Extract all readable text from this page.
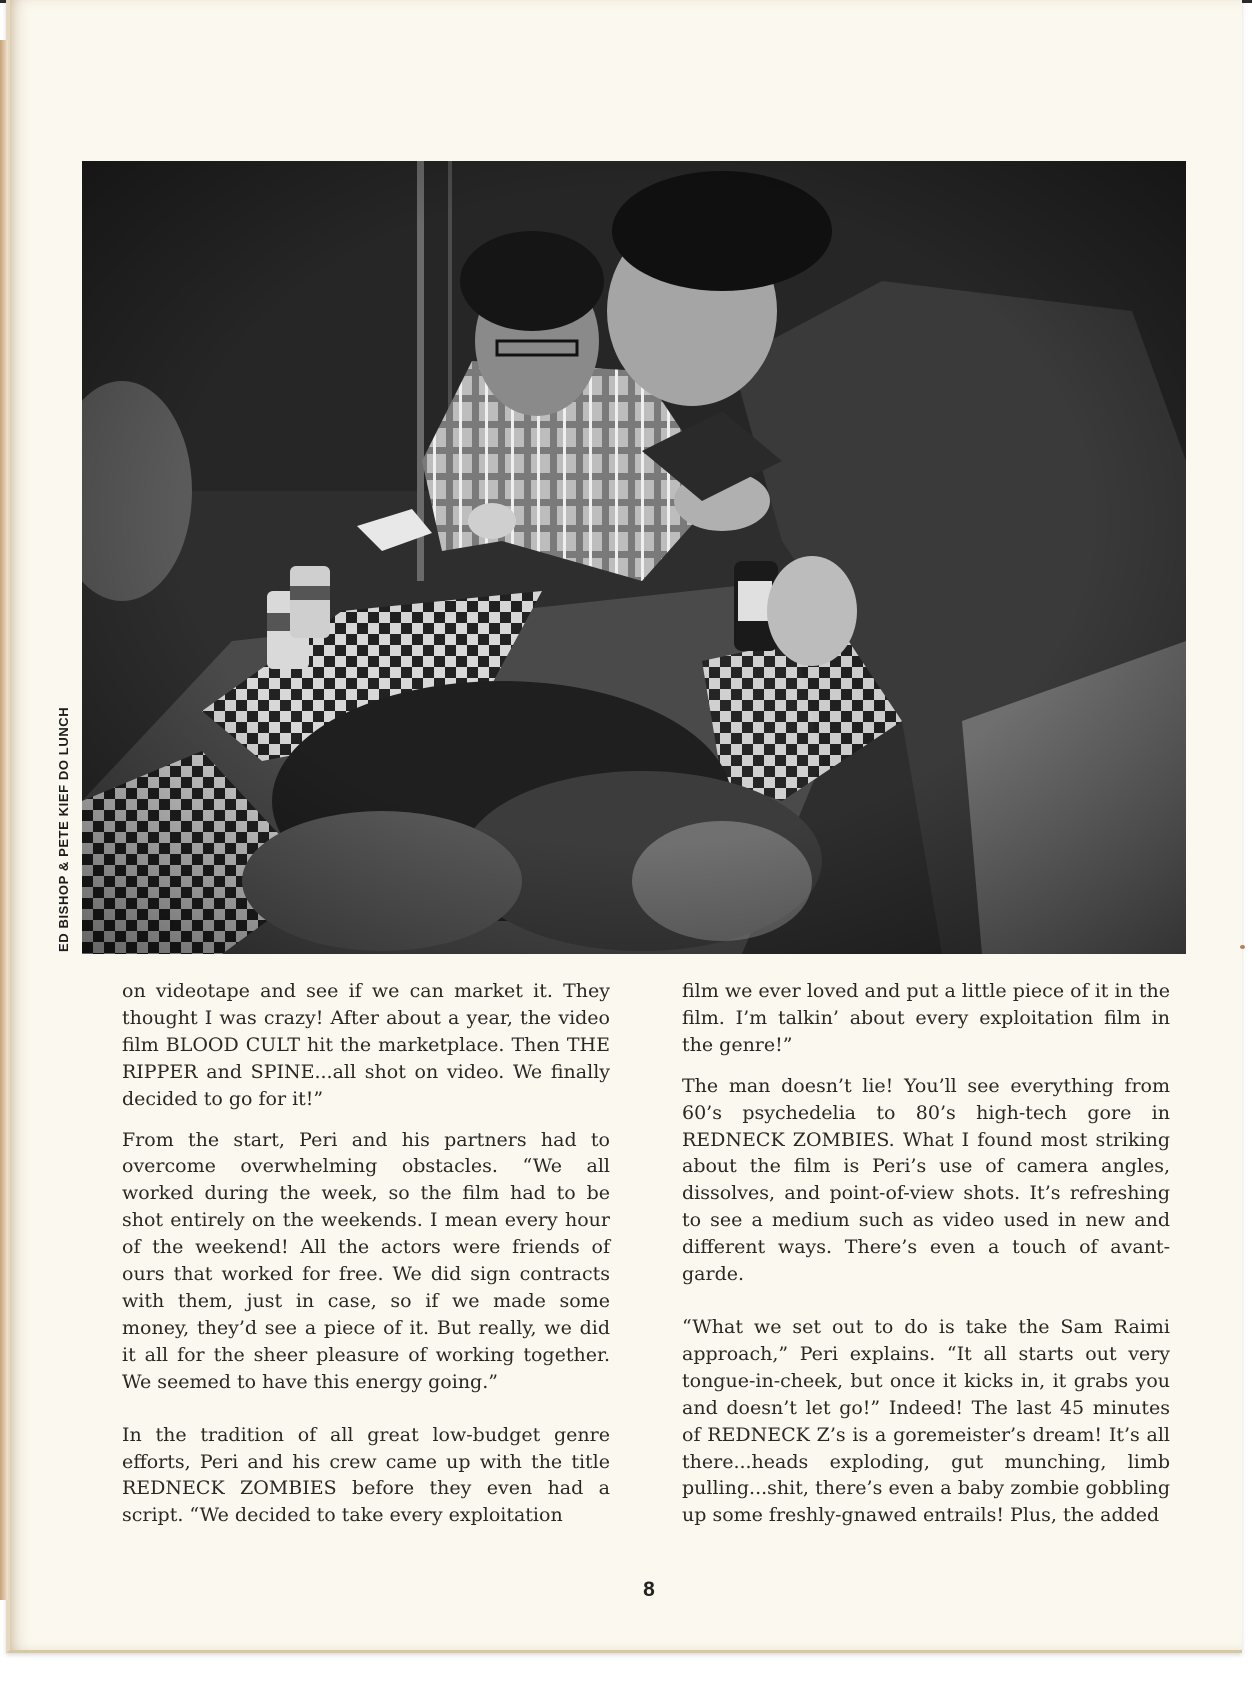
ED BISHOP & PETE KIEF DO LUNCH

on videotape and see if we can market it. They thought I was crazy! After about a year, the video film BLOOD CULT hit the marketplace. Then THE RIPPER and SPINE...all shot on video. We finally decided to go for it!”

From the start, Peri and his partners had to overcome overwhelming obstacles. “We all worked during the week, so the film had to be shot entirely on the weekends. I mean every hour of the weekend! All the actors were friends of ours that worked for free. We did sign contracts with them, just in case, so if we made some money, they’d see a piece of it. But really, we did it all for the sheer pleasure of working together. We seemed to have this energy going.”

In the tradition of all great low-budget genre efforts, Peri and his crew came up with the title REDNECK ZOMBIES before they even had a script. “We decided to take every exploitation

film we ever loved and put a little piece of it in the film. I’m talkin’ about every exploitation film in the genre!”

The man doesn’t lie! You’ll see everything from 60’s psychedelia to 80’s high-tech gore in REDNECK ZOMBIES. What I found most striking about the film is Peri’s use of camera angles, dissolves, and point-of-view shots. It’s refreshing to see a medium such as video used in new and different ways. There’s even a touch of avant-garde.

“What we set out to do is take the Sam Raimi approach,” Peri explains. “It all starts out very tongue-in-cheek, but once it kicks in, it grabs you and doesn’t let go!” Indeed! The last 45 minutes of REDNECK Z’s is a goremeister’s dream! It’s all there...heads exploding, gut munching, limb pulling...shit, there’s even a baby zombie gobbling up some freshly-gnawed entrails! Plus, the added

8
